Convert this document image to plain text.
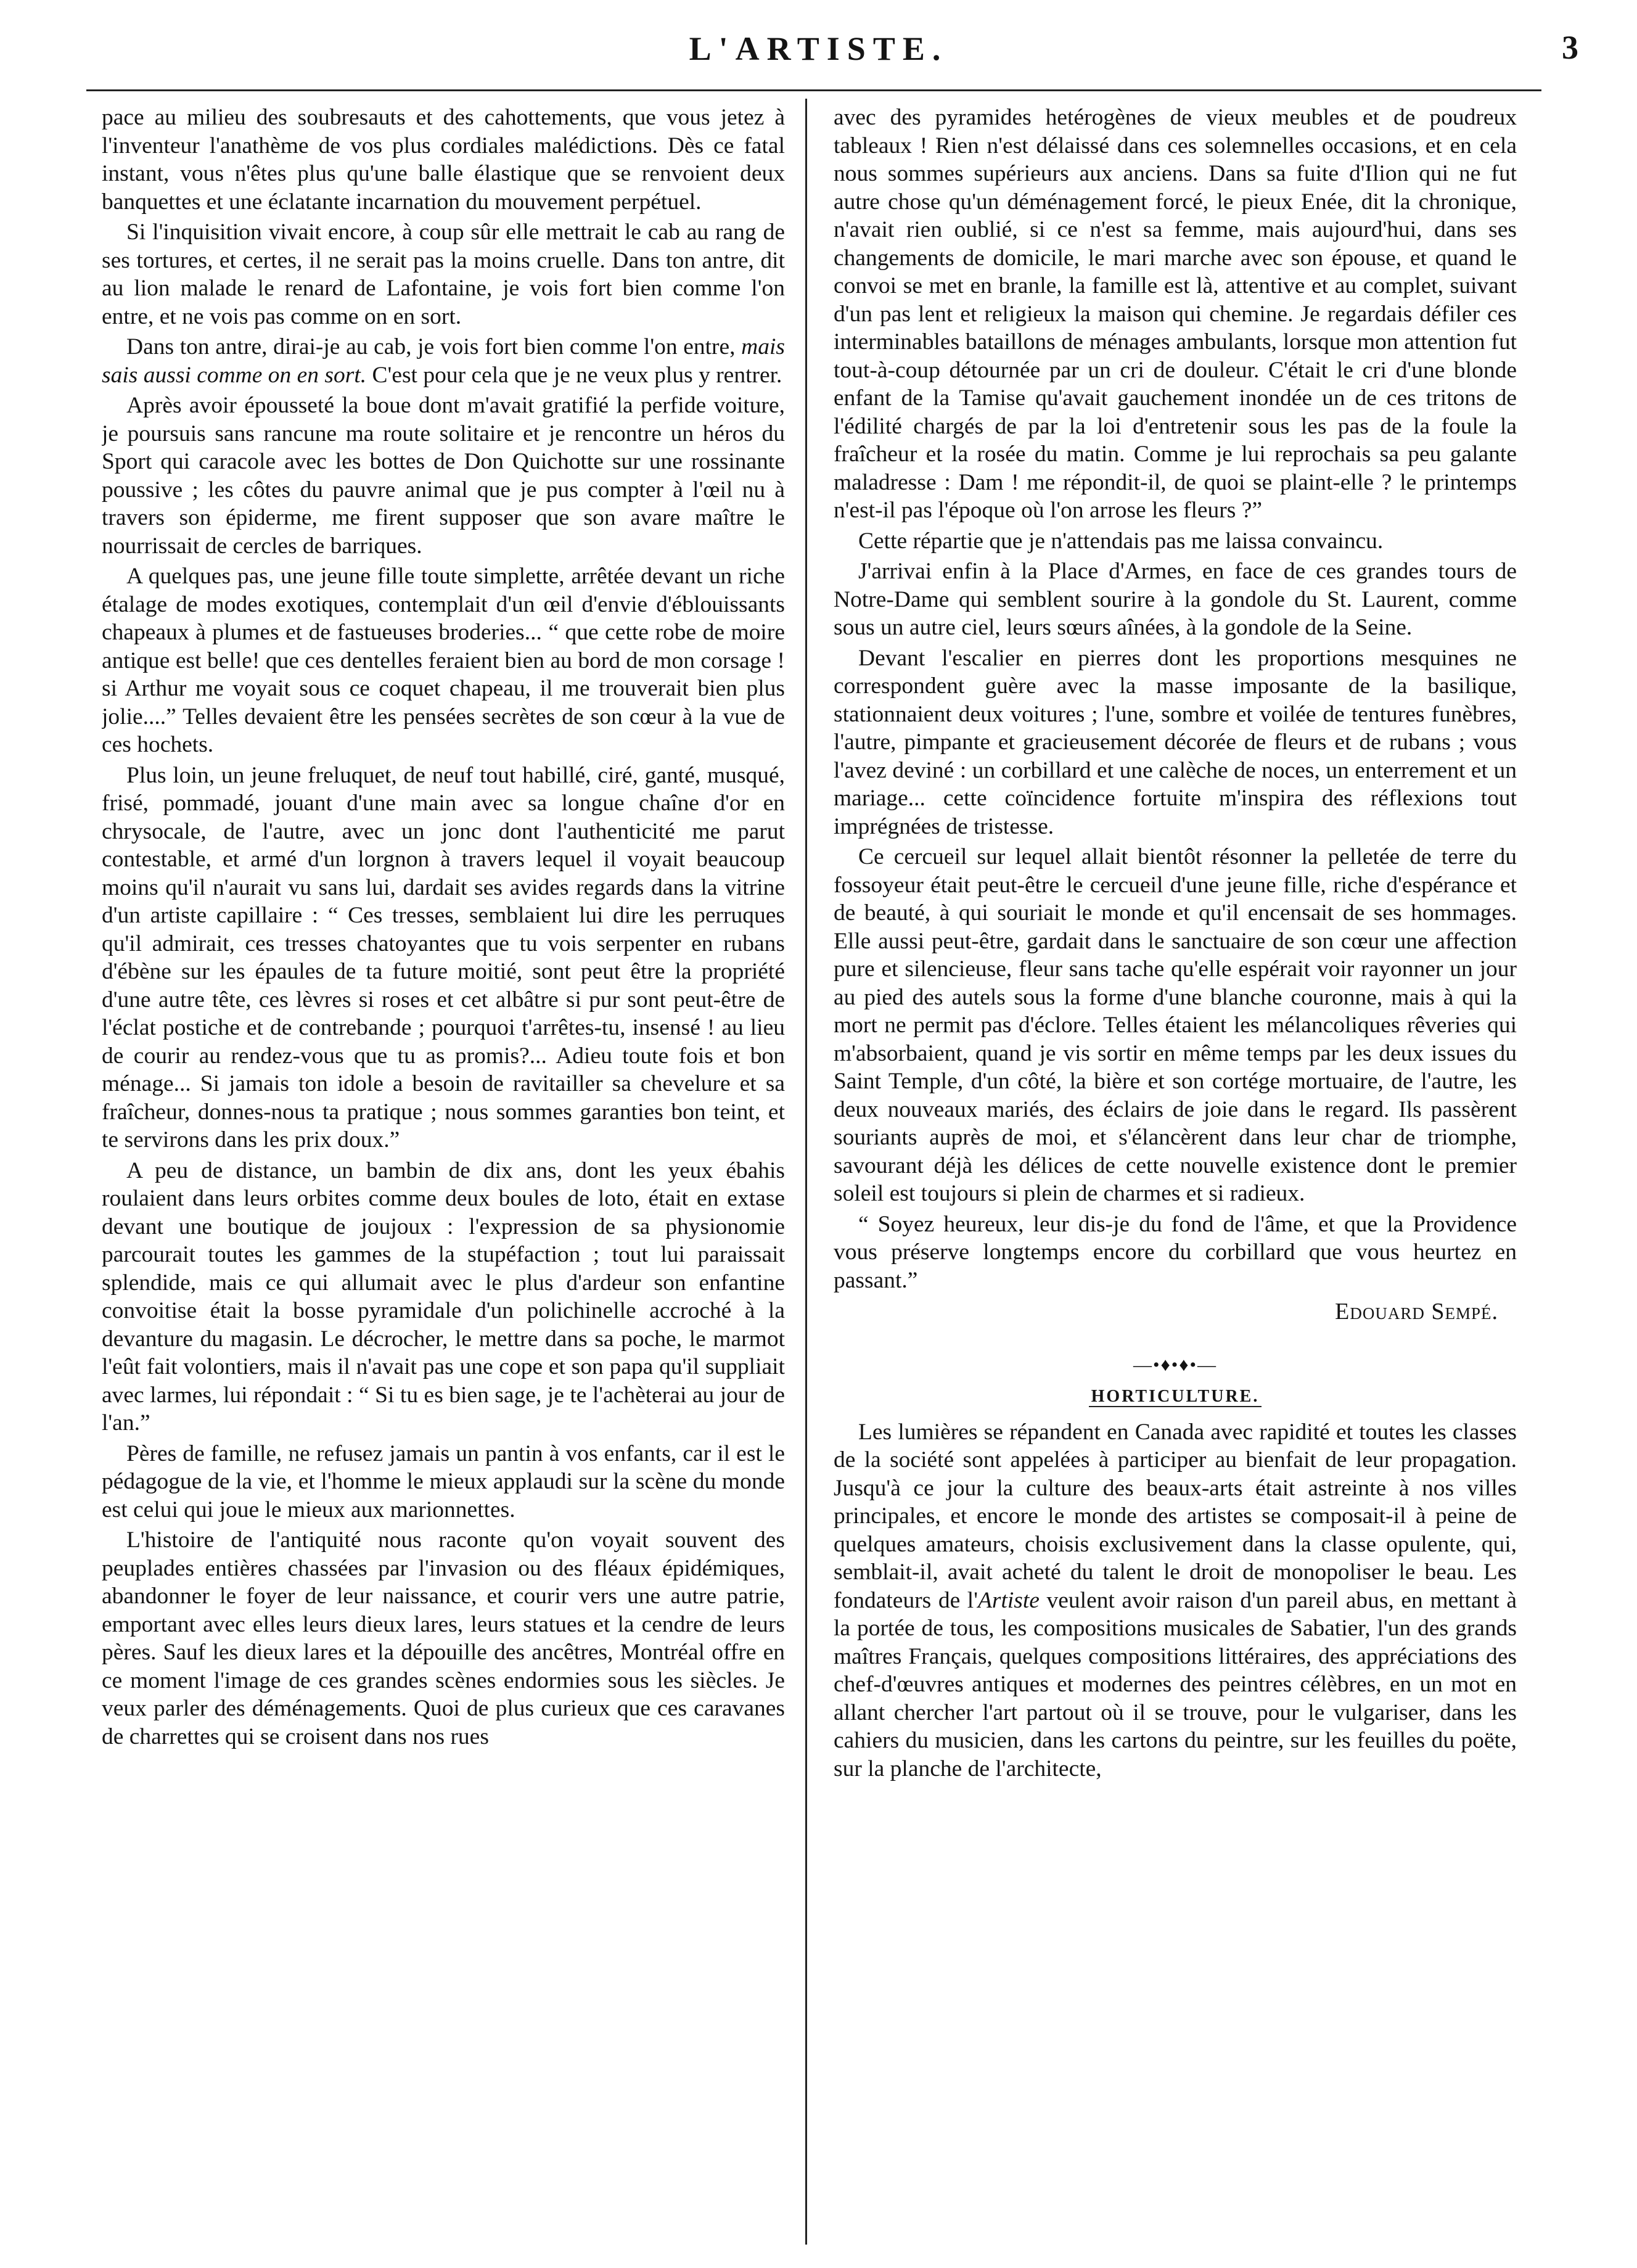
L'ARTISTE.	3

pace au milieu des soubresauts et des cahottements, que vous jetez à l'inventeur l'anathème de vos plus cordiales malédictions. Dès ce fatal instant, vous n'êtes plus qu'une balle élastique que se renvoient deux banquettes et une éclatante incarnation du mouvement perpétuel.

Si l'inquisition vivait encore, à coup sûr elle mettrait le cab au rang de ses tortures, et certes, il ne serait pas la moins cruelle. Dans ton antre, dit au lion malade le renard de Lafontaine, je vois fort bien comme l'on entre, et ne vois pas comme on en sort.

Dans ton antre, dirai-je au cab, je vois fort bien comme l'on entre, mais sais aussi comme on en sort. C'est pour cela que je ne veux plus y rentrer.

Après avoir épousseté la boue dont m'avait gratifié la perfide voiture, je poursuis sans rancune ma route solitaire et je rencontre un héros du Sport qui caracole avec les bottes de Don Quichotte sur une rossinante poussive ; les côtes du pauvre animal que je pus compter à l'œil nu à travers son épiderme, me firent supposer que son avare maître le nourrissait de cercles de barriques.

A quelques pas, une jeune fille toute simplette, arrêtée devant un riche étalage de modes exotiques, contemplait d'un œil d'envie d'éblouissants chapeaux à plumes et de fastueuses broderies... “ que cette robe de moire antique est belle! que ces dentelles feraient bien au bord de mon corsage ! si Arthur me voyait sous ce coquet chapeau, il me trouverait bien plus jolie....” Telles devaient être les pensées secrètes de son cœur à la vue de ces hochets.

Plus loin, un jeune freluquet, de neuf tout habillé, ciré, ganté, musqué, frisé, pommadé, jouant d'une main avec sa longue chaîne d'or en chrysocale, de l'autre, avec un jonc dont l'authenticité me parut contestable, et armé d'un lorgnon à travers lequel il voyait beaucoup moins qu'il n'aurait vu sans lui, dardait ses avides regards dans la vitrine d'un artiste capillaire : “ Ces tresses, semblaient lui dire les perruques qu'il admirait, ces tresses chatoyantes que tu vois serpenter en rubans d'ébène sur les épaules de ta future moitié, sont peut être la propriété d'une autre tête, ces lèvres si roses et cet albâtre si pur sont peut-être de l'éclat postiche et de contrebande ; pourquoi t'arrêtes-tu, insensé ! au lieu de courir au rendez-vous que tu as promis?... Adieu toute fois et bon ménage... Si jamais ton idole a besoin de ravitailler sa chevelure et sa fraîcheur, donnes-nous ta pratique ; nous sommes garanties bon teint, et te servirons dans les prix doux.”

A peu de distance, un bambin de dix ans, dont les yeux ébahis roulaient dans leurs orbites comme deux boules de loto, était en extase devant une boutique de joujoux : l'expression de sa physionomie parcourait toutes les gammes de la stupéfaction ; tout lui paraissait splendide, mais ce qui allumait avec le plus d'ardeur son enfantine convoitise était la bosse pyramidale d'un polichinelle accroché à la devanture du magasin. Le décrocher, le mettre dans sa poche, le marmot l'eût fait volontiers, mais il n'avait pas une cope et son papa qu'il suppliait avec larmes, lui répondait : “ Si tu es bien sage, je te l'achèterai au jour de l'an.”

Pères de famille, ne refusez jamais un pantin à vos enfants, car il est le pédagogue de la vie, et l'homme le mieux applaudi sur la scène du monde est celui qui joue le mieux aux marionnettes.

L'histoire de l'antiquité nous raconte qu'on voyait souvent des peuplades entières chassées par l'invasion ou des fléaux épidémiques, abandonner le foyer de leur naissance, et courir vers une autre patrie, emportant avec elles leurs dieux lares, leurs statues et la cendre de leurs pères. Sauf les dieux lares et la dépouille des ancêtres, Montréal offre en ce moment l'image de ces grandes scènes endormies sous les siècles. Je veux parler des déménagements. Quoi de plus curieux que ces caravanes de charrettes qui se croisent dans nos rues

avec des pyramides hetérogènes de vieux meubles et de poudreux tableaux ! Rien n'est délaissé dans ces solemnelles occasions, et en cela nous sommes supérieurs aux anciens. Dans sa fuite d'Ilion qui ne fut autre chose qu'un déménagement forcé, le pieux Enée, dit la chronique, n'avait rien oublié, si ce n'est sa femme, mais aujourd'hui, dans ses changements de domicile, le mari marche avec son épouse, et quand le convoi se met en branle, la famille est là, attentive et au complet, suivant d'un pas lent et religieux la maison qui chemine. Je regardais défiler ces interminables bataillons de ménages ambulants, lorsque mon attention fut tout-à-coup détournée par un cri de douleur. C'était le cri d'une blonde enfant de la Tamise qu'avait gauchement inondée un de ces tritons de l'édilité chargés de par la loi d'entretenir sous les pas de la foule la fraîcheur et la rosée du matin. Comme je lui reprochais sa peu galante maladresse : Dam ! me répondit-il, de quoi se plaint-elle ? le printemps n'est-il pas l'époque où l'on arrose les fleurs ?”

Cette répartie que je n'attendais pas me laissa convaincu.

J'arrivai enfin à la Place d'Armes, en face de ces grandes tours de Notre-Dame qui semblent sourire à la gondole du St. Laurent, comme sous un autre ciel, leurs sœurs aînées, à la gondole de la Seine.

Devant l'escalier en pierres dont les proportions mesquines ne correspondent guère avec la masse imposante de la basilique, stationnaient deux voitures ; l'une, sombre et voilée de tentures funèbres, l'autre, pimpante et gracieusement décorée de fleurs et de rubans ; vous l'avez deviné : un corbillard et une calèche de noces, un enterrement et un mariage... cette coïncidence fortuite m'inspira des réflexions tout imprégnées de tristesse.

Ce cercueil sur lequel allait bientôt résonner la pelletée de terre du fossoyeur était peut-être le cercueil d'une jeune fille, riche d'espérance et de beauté, à qui souriait le monde et qu'il encensait de ses hommages. Elle aussi peut-être, gardait dans le sanctuaire de son cœur une affection pure et silencieuse, fleur sans tache qu'elle espérait voir rayonner un jour au pied des autels sous la forme d'une blanche couronne, mais à qui la mort ne permit pas d'éclore. Telles étaient les mélancoliques rêveries qui m'absorbaient, quand je vis sortir en même temps par les deux issues du Saint Temple, d'un côté, la bière et son cortége mortuaire, de l'autre, les deux nouveaux mariés, des éclairs de joie dans le regard. Ils passèrent souriants auprès de moi, et s'élancèrent dans leur char de triomphe, savourant déjà les délices de cette nouvelle existence dont le premier soleil est toujours si plein de charmes et si radieux.

“ Soyez heureux, leur dis-je du fond de l'âme, et que la Providence vous préserve longtemps encore du corbillard que vous heurtez en passant.”

Edouard Sempé.
—•♦•♦•—
HORTICULTURE.

Les lumières se répandent en Canada avec rapidité et toutes les classes de la société sont appelées à participer au bienfait de leur propagation. Jusqu'à ce jour la culture des beaux-arts était astreinte à nos villes principales, et encore le monde des artistes se composait-il à peine de quelques amateurs, choisis exclusivement dans la classe opulente, qui, semblait-il, avait acheté du talent le droit de monopoliser le beau. Les fondateurs de l'Artiste veulent avoir raison d'un pareil abus, en mettant à la portée de tous, les compositions musicales de Sabatier, l'un des grands maîtres Français, quelques compositions littéraires, des appréciations des chef-d'œuvres antiques et modernes des peintres célèbres, en un mot en allant chercher l'art partout où il se trouve, pour le vulgariser, dans les cahiers du musicien, dans les cartons du peintre, sur les feuilles du poëte, sur la planche de l'architecte,
